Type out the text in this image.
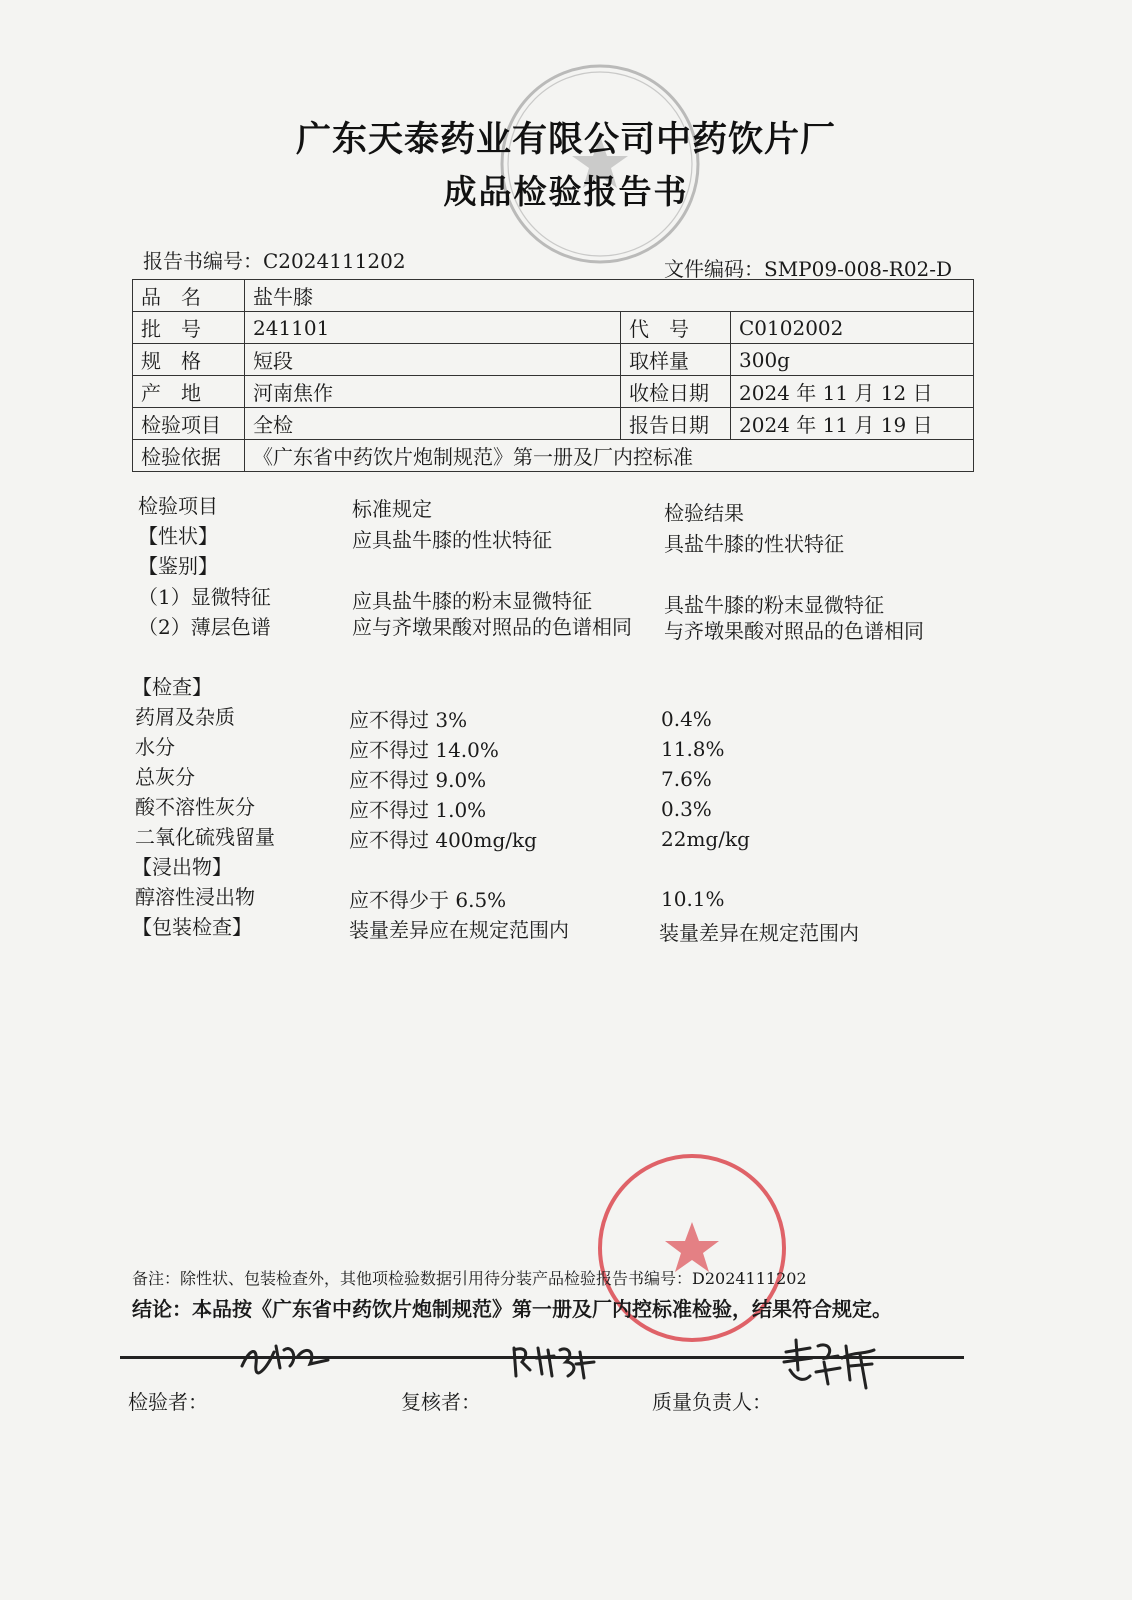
广东天泰药业有限公司中药饮片厂
成品检验报告书
报告书编号：C2024111202	文件编码：SMP09-008-R02-D
品　名	盐牛膝		
批　号	241101	代　号	C0102002
规　格	短段	取样量	300g
产　地	河南焦作	收检日期	2024 年 11 月 12 日
检验项目	全检	报告日期	2024 年 11 月 19 日
检验依据	《广东省中药饮片炮制规范》第一册及厂内控标准		
检验项目	标准规定	检验结果
【性状】	应具盐牛膝的性状特征	具盐牛膝的性状特征
【鉴别】
（1）显微特征	应具盐牛膝的粉末显微特征	具盐牛膝的粉末显微特征
（2）薄层色谱	应与齐墩果酸对照品的色谱相同	与齐墩果酸对照品的色谱相同
【检查】
药屑及杂质	应不得过 3%	0.4%
水分	应不得过 14.0%	11.8%
总灰分	应不得过 9.0%	7.6%
酸不溶性灰分	应不得过 1.0%	0.3%
二氧化硫残留量	应不得过 400mg/kg	22mg/kg
【浸出物】
醇溶性浸出物	应不得少于 6.5%	10.1%
【包装检查】	装量差异应在规定范围内	装量差异在规定范围内
备注：除性状、包装检查外，其他项检验数据引用待分装产品检验报告书编号：D2024111202
结论：本品按《广东省中药饮片炮制规范》第一册及厂内控标准检验，结果符合规定。
检验者：	复核者：	质量负责人：
